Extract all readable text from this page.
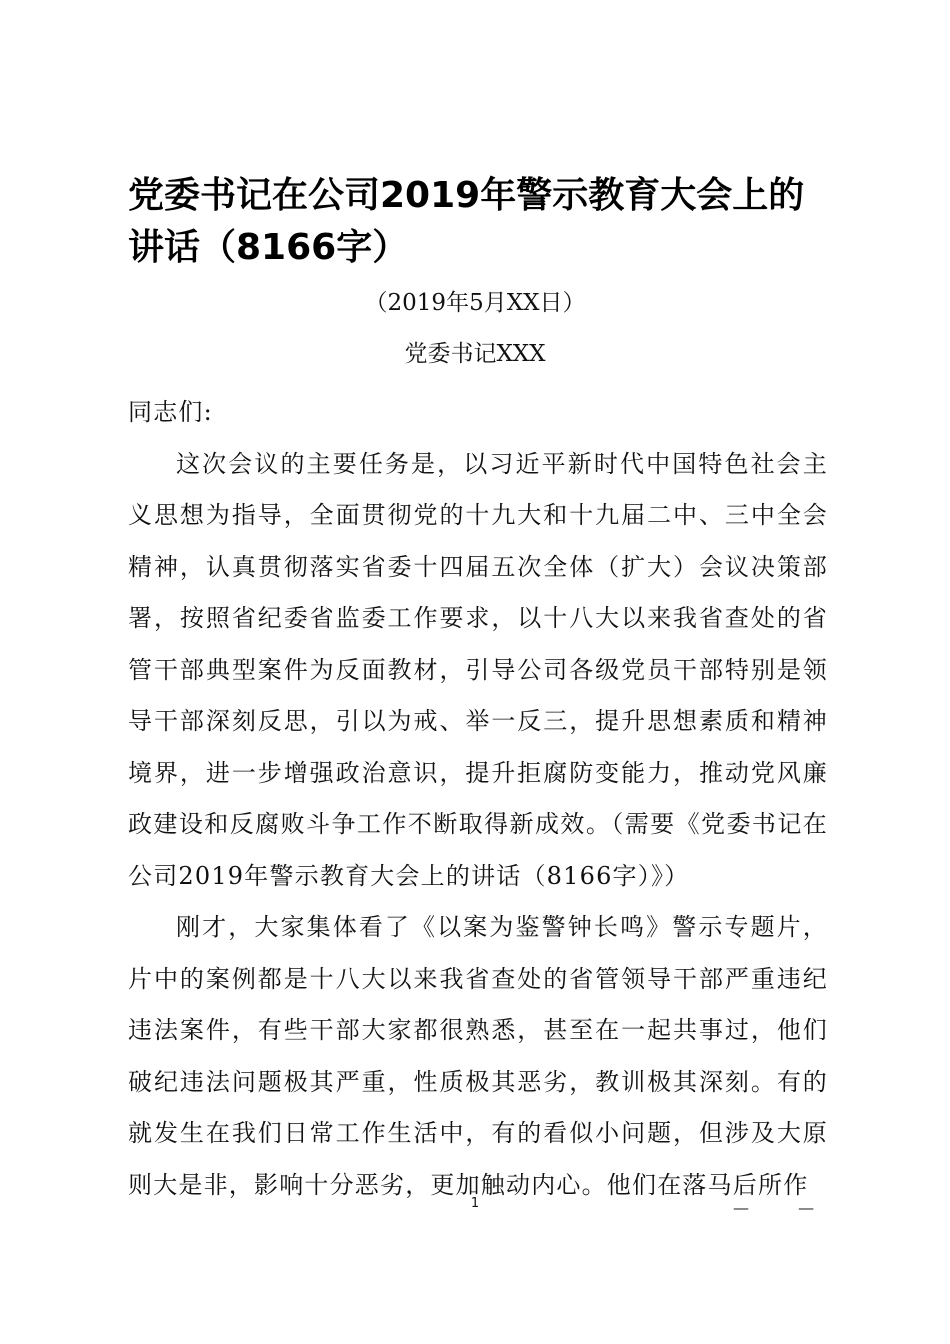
党委书记在公司2019年警示教育大会上的讲话（8166字）
（2019年5月XX日）
党委书记XXX

同志们:

这次会议的主要任务是，以习近平新时代中国特色社会主义思想为指导，全面贯彻党的十九大和十九届二中、三中全会精神，认真贯彻落实省委十四届五次全体（扩大）会议决策部署，按照省纪委省监委工作要求，以十八大以来我省查处的省管干部典型案件为反面教材，引导公司各级党员干部特别是领导干部深刻反思，引以为戒、举一反三，提升思想素质和精神境界，进一步增强政治意识，提升拒腐防变能力，推动党风廉政建设和反腐败斗争工作不断取得新成效。（需要《党委书记在公司2019年警示教育大会上的讲话（8166字）》）

刚才，大家集体看了《以案为鉴警钟长鸣》警示专题片，片中的案例都是十八大以来我省查处的省管领导干部严重违纪违法案件，有些干部大家都很熟悉，甚至在一起共事过，他们破纪违法问题极其严重，性质极其恶劣，教训极其深刻。有的就发生在我们日常工作生活中，有的看似小问题，但涉及大原则大是非，影响十分恶劣，更加触动内心。他们在落马后所作

1	— —
